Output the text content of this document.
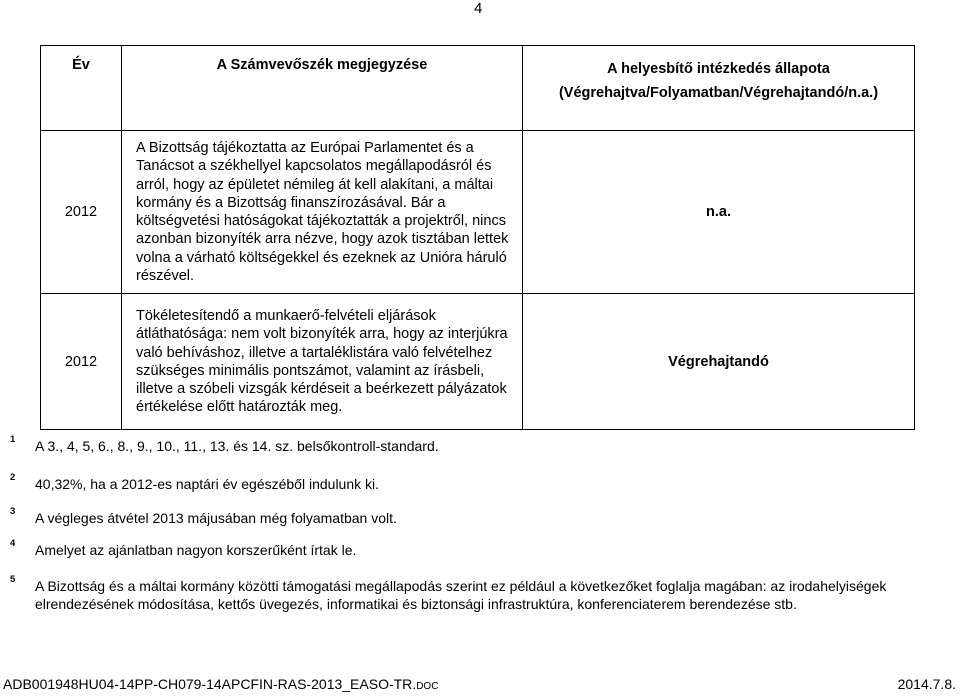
4
Év	A Számvevőszék megjegyzése	A helyesbítő intézkedés állapota
(Végrehajtva/Folyamatban/Végrehajtandó/n.a.)

2012	A Bizottság tájékoztatta az Európai Parlamentet és a Tanácsot a székhellyel kapcsolatos megállapodásról és arról, hogy az épületet némileg át kell alakítani, a máltai kormány és a Bizottság finanszírozásával. Bár a költségvetési hatóságokat tájékoztatták a projektről, nincs azonban bizonyíték arra nézve, hogy azok tisztában lettek volna a várható költségekkel és ezeknek az Unióra háruló részével.	n.a.
2012	Tökéletesítendő a munkaerő-felvételi eljárások átláthatósága: nem volt bizonyíték arra, hogy az interjúkra való behíváshoz, illetve a tartaléklistára való felvételhez szükséges minimális pontszámot, valamint az írásbeli, illetve a szóbeli vizsgák kérdéseit a beérkezett pályázatok értékelése előtt határozták meg.	Végrehajtandó
1 A 3., 4, 5, 6., 8., 9., 10., 11., 13. és 14. sz. belsőkontroll-standard.
2 40,32%, ha a 2012-es naptári év egészéből indulunk ki.
3 A végleges átvétel 2013 májusában még folyamatban volt.
4 Amelyet az ajánlatban nagyon korszerűként írtak le.
5 A Bizottság és a máltai kormány közötti támogatási megállapodás szerint ez például a következőket foglalja magában: az irodahelyiségek elrendezésének módosítása, kettős üvegezés, informatikai és biztonsági infrastruktúra, konferenciaterem berendezése stb.
ADB001948HU04-14PP-CH079-14APCFIN-RAS-2013_EASO-TR.DOC	2014.7.8.
